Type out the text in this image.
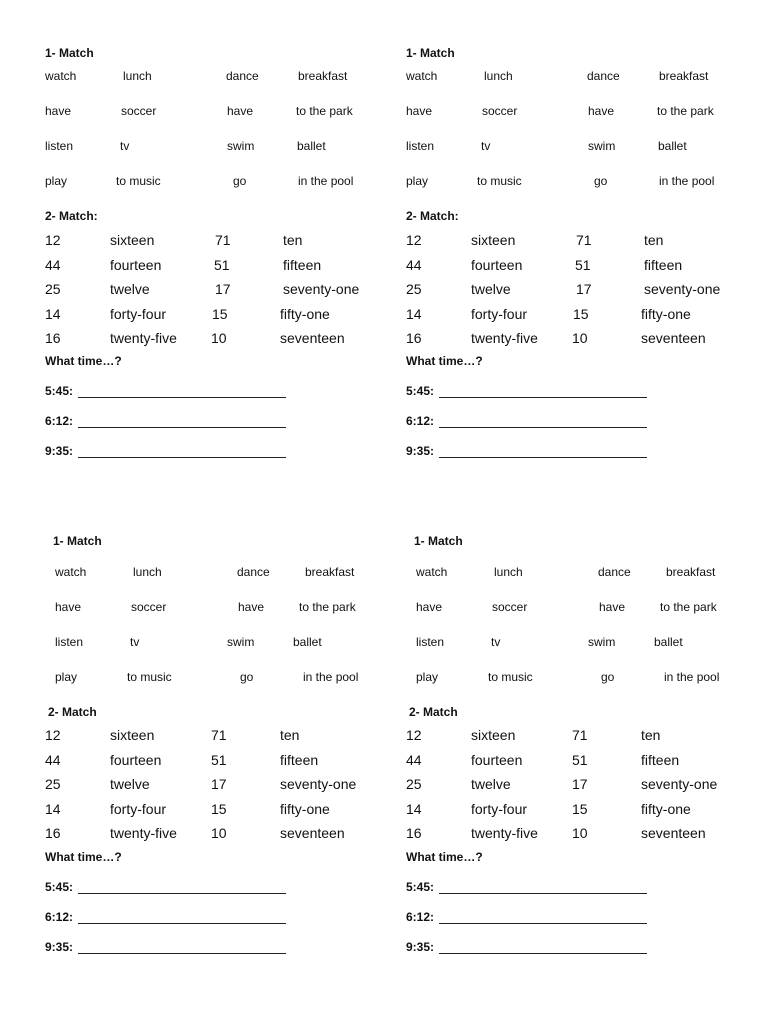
1- Match
watch	lunch	dance	breakfast
have	soccer	have	to the park
listen	tv	swim	ballet
play	to music	go	in the pool
2- Match:
12	sixteen	71	ten
44	fourteen	51	fifteen
25	twelve	17	seventy-one
14	forty-four	15	fifty-one
16	twenty-five 10	seventeen
What time…?
5:45:
6:12:
9:35:
1- Match
watch	lunch	dance	breakfast
have	soccer	have	to the park
listen	tv	swim	ballet
play	to music	go	in the pool
2- Match:
12	sixteen	71	ten
44	fourteen	51	fifteen
25	twelve	17	seventy-one
14	forty-four	15	fifty-one
16	twenty-five 10	seventeen
What time…?
5:45:
6:12:
9:35:
1- Match
watch	lunch	dance	breakfast
have	soccer	have	to the park
listen	tv	swim	ballet
play	to music	go	in the pool
2- Match
12	sixteen	71	ten
44	fourteen	51	fifteen
25	twelve	17	seventy-one
14	forty-four	15	fifty-one
16	twenty-five 10	seventeen
What time…?
5:45:
6:12:
9:35:
1- Match
watch	lunch	dance	breakfast
have	soccer	have	to the park
listen	tv	swim	ballet
play	to music	go	in the pool
2- Match
12	sixteen	71	ten
44	fourteen	51	fifteen
25	twelve	17	seventy-one
14	forty-four	15	fifty-one
16	twenty-five 10	seventeen
What time…?
5:45:
6:12:
9:35:
